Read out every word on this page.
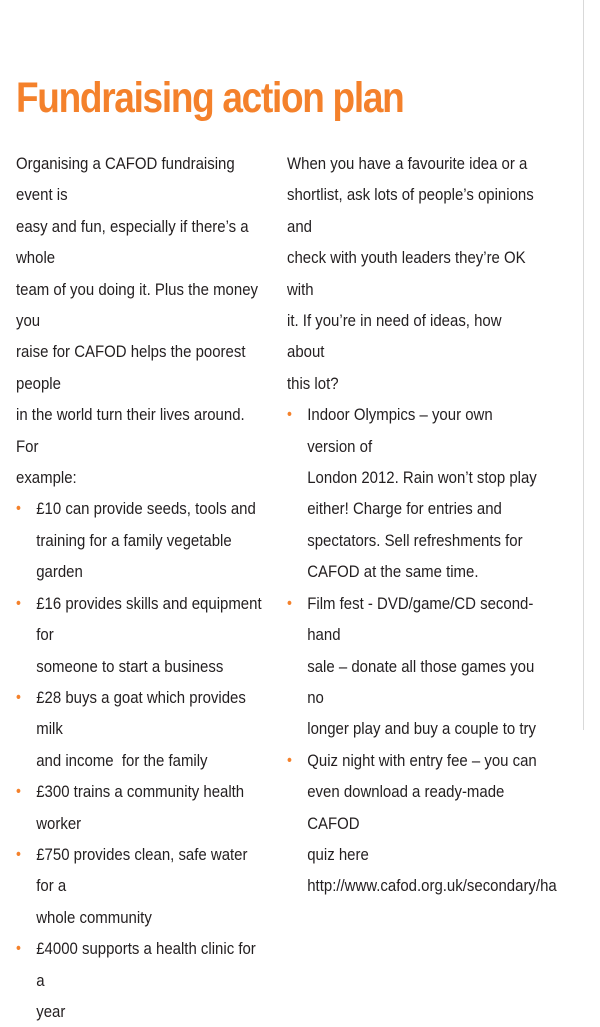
Fundraising action plan

Organising a CAFOD fundraising event is
easy and fun, especially if there’s a whole
team of you doing it. Plus the money you
raise for CAFOD helps the poorest people
in the world turn their lives around. For
example:

• £10 can provide seeds, tools and
training for a family vegetable garden
• £16 provides skills and equipment for
someone to start a business
• £28 buys a goat which provides milk
and income  for the family
• £300 trains a community health worker
• £750 provides clean, safe water for a
whole community
• £4000 supports a health clinic for a
year

When you have a favourite idea or a
shortlist, ask lots of people’s opinions and
check with youth leaders they’re OK with
it. If you’re in need of ideas, how about
this lot?

• Indoor Olympics – your own version of
London 2012. Rain won’t stop play
either! Charge for entries and
spectators. Sell refreshments for
CAFOD at the same time.
• Film fest - DVD/game/CD second-hand
sale – donate all those games you no
longer play and buy a couple to try
• Quiz night with entry fee – you can
even download a ready-made CAFOD
quiz here
http://www.cafod.org.uk/secondary/ha
